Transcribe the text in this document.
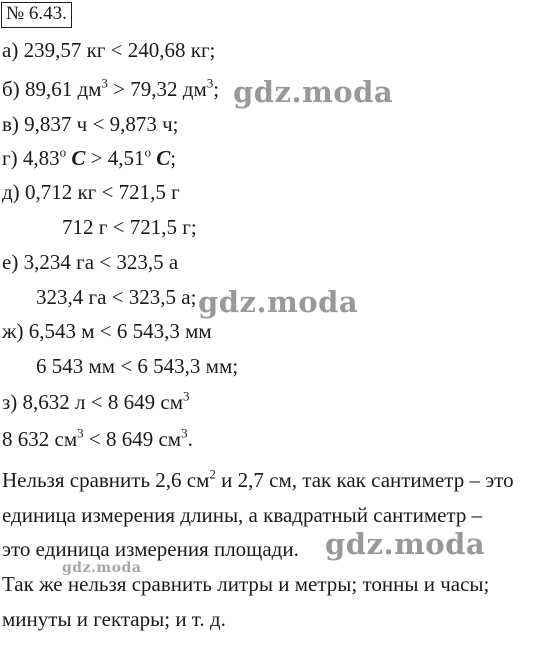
№ 6.43.
а) 239,57 кг < 240,68 кг;
б) 89,61 $дм^3 > 79,32$ $дм^3$;
в) 9,837 ч < 9,873 ч;
г) 4,83$^o$ $C > 4,51^o$ C;
д) 0,712 кг < 721,5 г
712 г < 721,5 г;
е) 3,234 га < 323,5 а
323,4 га < 323,5 а;
ж) 6,543 м < 6 543,3 мм
6 543 мм < 6 543,3 мм;
з) 8,632 л < 8 649 $см^3$
8 632 $см^3 < 8$ 649 $см^3$.
Нельзя сравнить 2,6 $см^2$ и 2,7 см, так как сантиметр – это
единица измерения длины, а квадратный сантиметр –
это единица измерения площади.
Так же нельзя сравнить литры и метры; тонны и часы;
минуты и гектары; и т. д.
gdz.moda
gdz.moda
gdz.moda
gdz.moda
